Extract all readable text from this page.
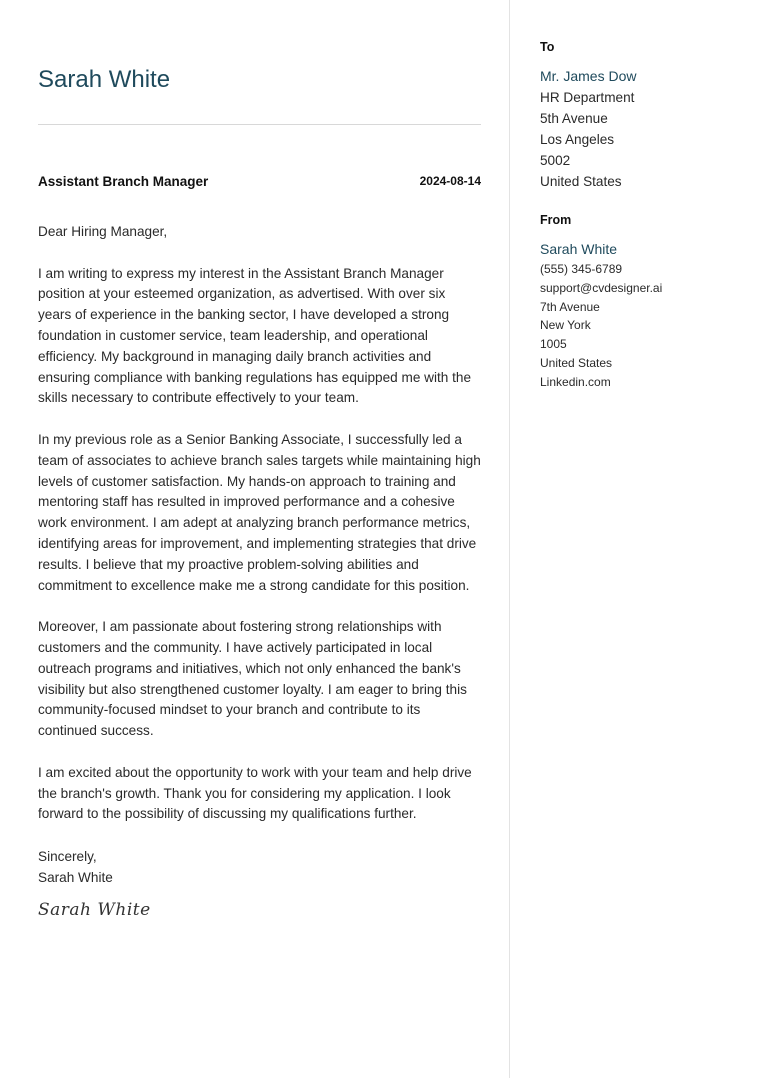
Sarah White
Assistant Branch Manager	2024-08-14

Dear Hiring Manager,

I am writing to express my interest in the Assistant Branch Manager position at your esteemed organization, as advertised. With over six years of experience in the banking sector, I have developed a strong foundation in customer service, team leadership, and operational efficiency. My background in managing daily branch activities and ensuring compliance with banking regulations has equipped me with the skills necessary to contribute effectively to your team.

In my previous role as a Senior Banking Associate, I successfully led a team of associates to achieve branch sales targets while maintaining high levels of customer satisfaction. My hands-on approach to training and mentoring staff has resulted in improved performance and a cohesive work environment. I am adept at analyzing branch performance metrics, identifying areas for improvement, and implementing strategies that drive results. I believe that my proactive problem-solving abilities and commitment to excellence make me a strong candidate for this position.

Moreover, I am passionate about fostering strong relationships with customers and the community. I have actively participated in local outreach programs and initiatives, which not only enhanced the bank's visibility but also strengthened customer loyalty. I am eager to bring this community-focused mindset to your branch and contribute to its continued success.

I am excited about the opportunity to work with your team and help drive the branch's growth. Thank you for considering my application. I look forward to the possibility of discussing my qualifications further.

Sincerely,
Sarah White
Sarah White
To
Mr. James Dow
HR Department
5th Avenue
Los Angeles
5002
United States
From
Sarah White
(555) 345-6789
support@cvdesigner.ai
7th Avenue
New York
1005
United States
Linkedin.com
